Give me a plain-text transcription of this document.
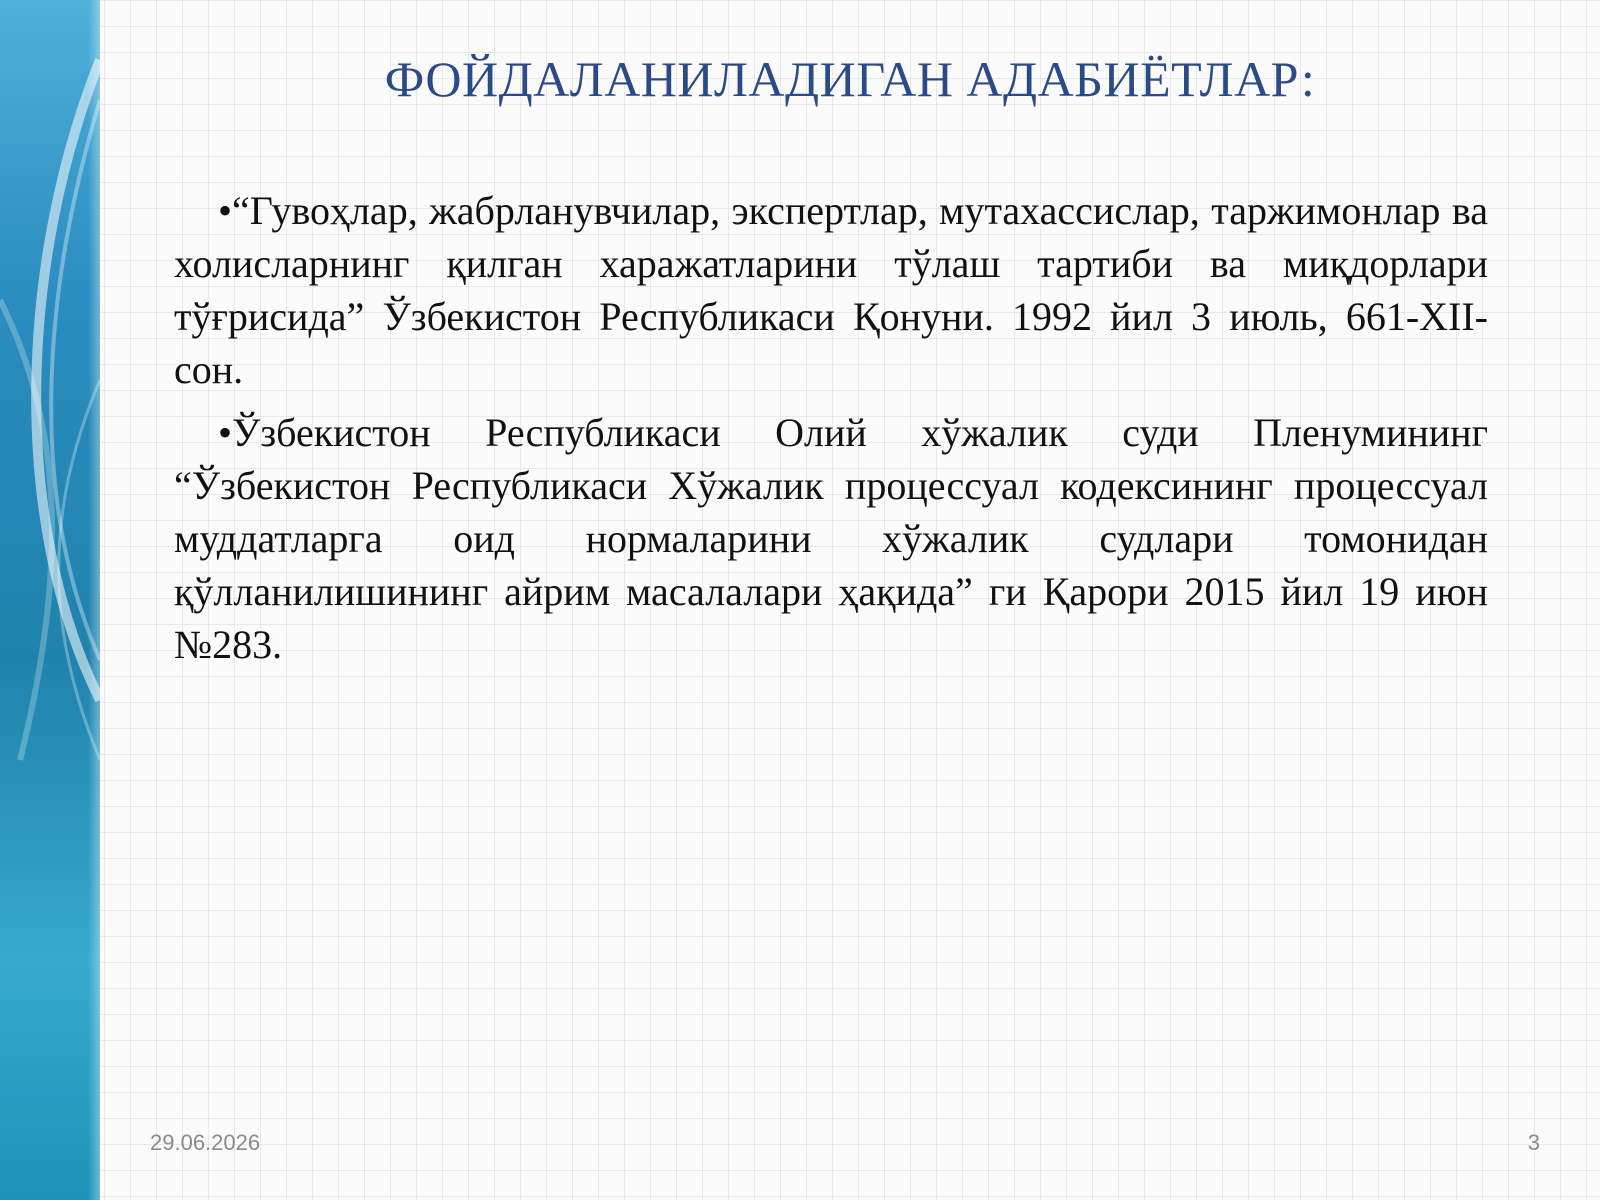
ФОЙДАЛАНИЛАДИГАН АДАБИЁТЛАР:

•“Гувоҳлар, жабрланувчилар, экспертлар, мутахассислар, таржимонлар ва холисларнинг қилган харажатларини тўлаш тартиби ва миқдорлари тўғрисида” Ўзбекистон Республикаси Қонуни. 1992 йил 3 июль, 661-XII-сон.

•Ўзбекистон Республикаси Олий хўжалик суди Пленумининг “Ўзбекистон Республикаси Хўжалик процессуал кодексининг процессуал муддатларга оид нормаларини хўжалик судлари томонидан қўлланилишининг айрим масалалари ҳақида” ги Қарори 2015 йил 19 июн №283.

29.06.2026	3
